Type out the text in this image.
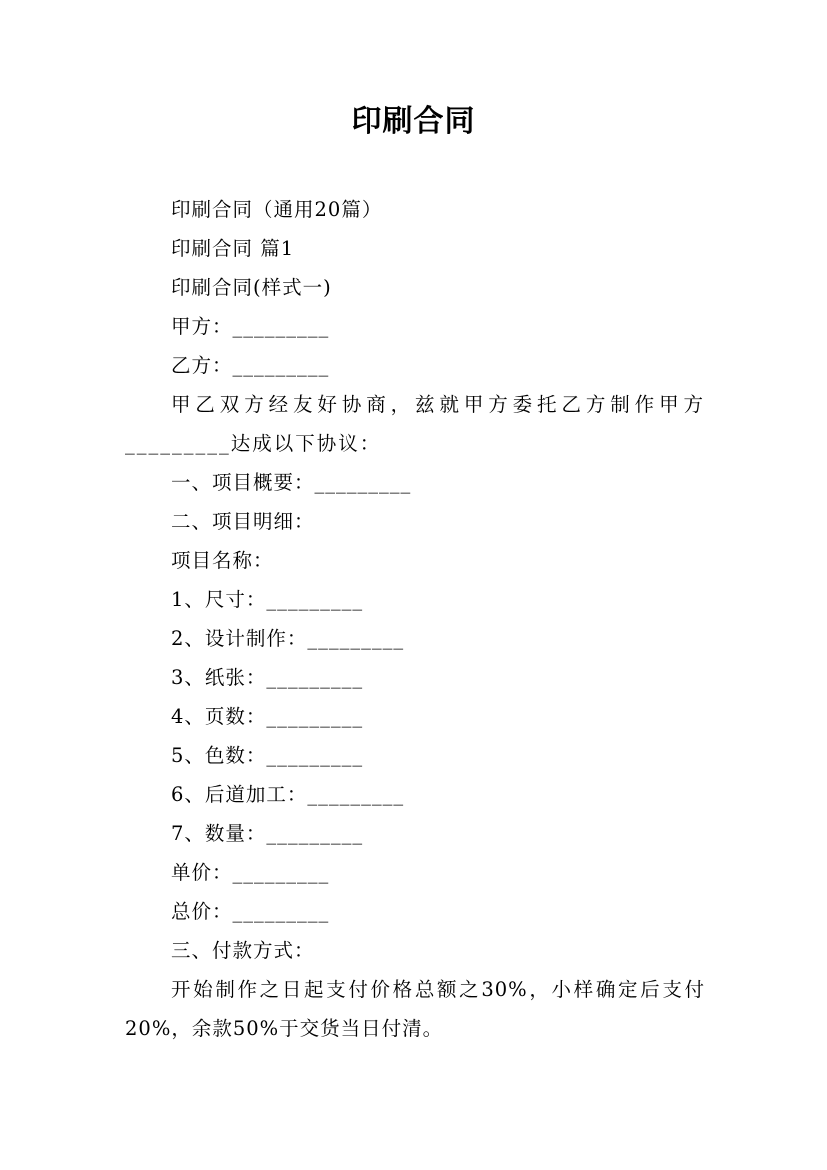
印刷合同

印刷合同（通用20篇）

印刷合同 篇1

印刷合同(样式一)

甲方：_________

乙方：_________

甲乙双方经友好协商，兹就甲方委托乙方制作甲方_________达成以下协议：

一、项目概要：_________

二、项目明细：

项目名称：

1、尺寸：_________

2、设计制作：_________

3、纸张：_________

4、页数：_________

5、色数：_________

6、后道加工：_________

7、数量：_________

单价：_________

总价：_________

三、付款方式：

开始制作之日起支付价格总额之30%，小样确定后支付20%，余款50%于交货当日付清。
